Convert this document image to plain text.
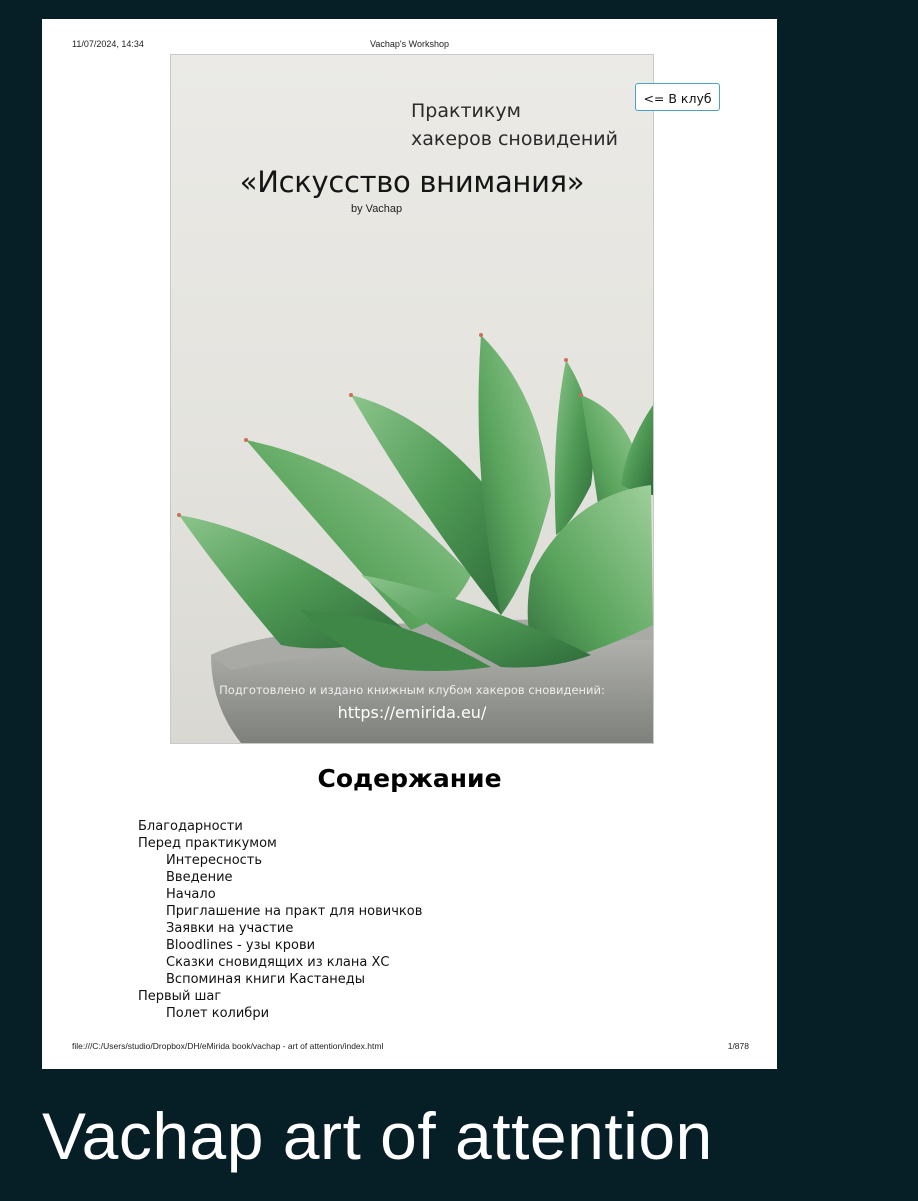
11/07/2024, 14:34	Vachap's Workshop
Практикум
хакеров сновидений
«Искусство внимания»
by Vachap
Подготовлено и издано книжным клубом хакеров сновидений:
https://emirida.eu/
<= В клуб
Содержание
Благодарности
Перед практикумом
Интересность
Введение
Начало
Приглашение на практ для новичков
Заявки на участие
Bloodlines - узы крови
Сказки сновидящих из клана ХС
Вспоминая книги Кастанеды
Первый шаг
Полет колибри
file:///C:/Users/studio/Dropbox/DH/eMirida book/vachap - art of attention/index.html	1/878
Vachap art of attention
